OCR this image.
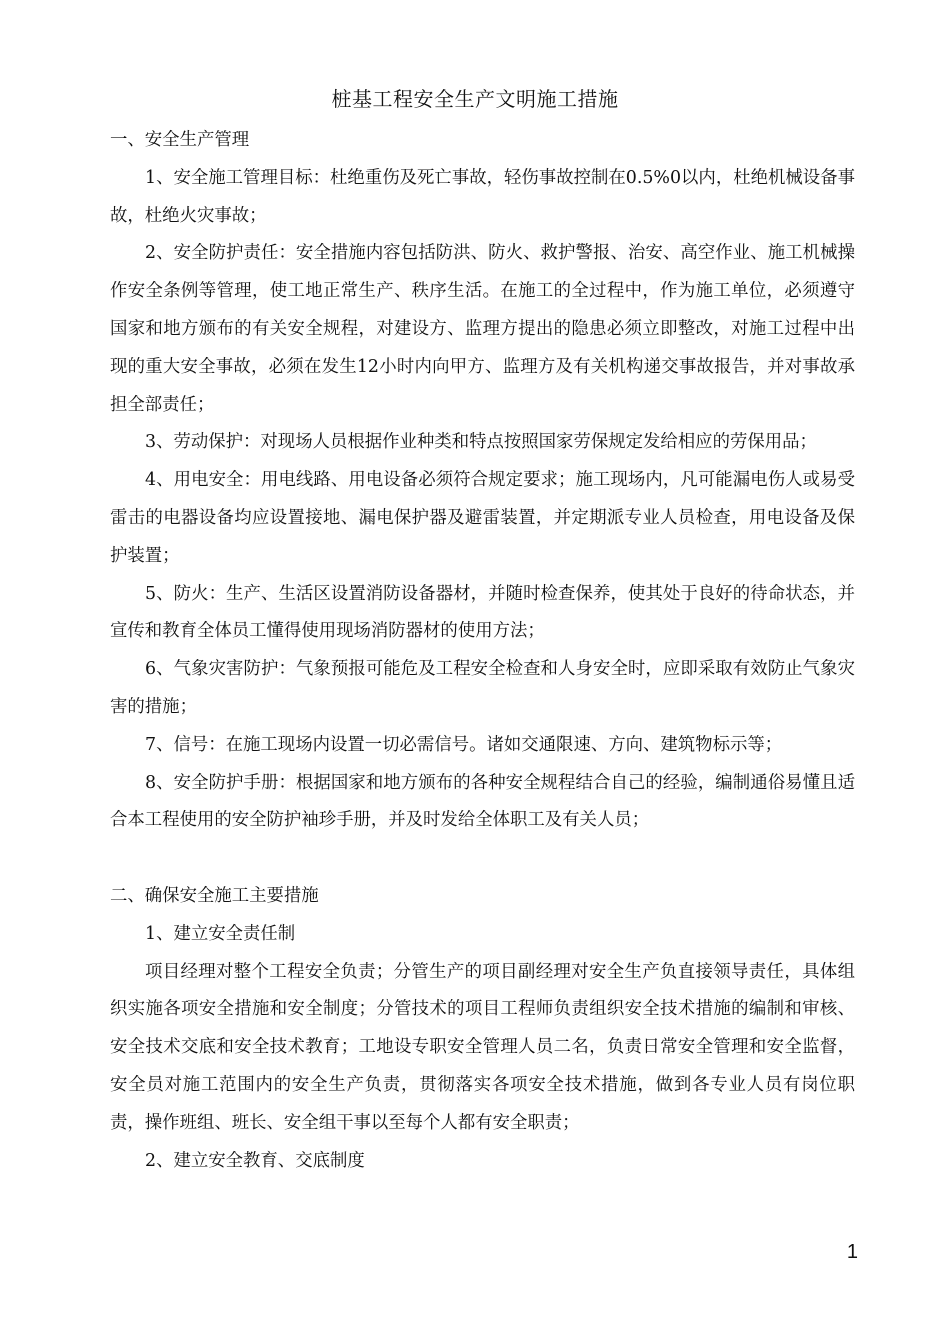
桩基工程安全生产文明施工措施

一、安全生产管理

1、安全施工管理目标：杜绝重伤及死亡事故，轻伤事故控制在0.5%0以内，杜绝机械设备事故，杜绝火灾事故；

2、安全防护责任：安全措施内容包括防洪、防火、救护警报、治安、高空作业、施工机械操作安全条例等管理，使工地正常生产、秩序生活。在施工的全过程中，作为施工单位，必须遵守国家和地方颁布的有关安全规程，对建设方、监理方提出的隐患必须立即整改，对施工过程中出现的重大安全事故，必须在发生12小时内向甲方、监理方及有关机构递交事故报告，并对事故承担全部责任；

3、劳动保护：对现场人员根据作业种类和特点按照国家劳保规定发给相应的劳保用品；

4、用电安全：用电线路、用电设备必须符合规定要求；施工现场内，凡可能漏电伤人或易受雷击的电器设备均应设置接地、漏电保护器及避雷装置，并定期派专业人员检查，用电设备及保护装置；

5、防火：生产、生活区设置消防设备器材，并随时检查保养，使其处于良好的待命状态，并宣传和教育全体员工懂得使用现场消防器材的使用方法；

6、气象灾害防护：气象预报可能危及工程安全检查和人身安全时，应即采取有效防止气象灾害的措施；

7、信号：在施工现场内设置一切必需信号。诸如交通限速、方向、建筑物标示等；

8、安全防护手册：根据国家和地方颁布的各种安全规程结合自己的经验，编制通俗易懂且适合本工程使用的安全防护袖珍手册，并及时发给全体职工及有关人员；

二、确保安全施工主要措施

1、建立安全责任制

项目经理对整个工程安全负责；分管生产的项目副经理对安全生产负直接领导责任，具体组织实施各项安全措施和安全制度；分管技术的项目工程师负责组织安全技术措施的编制和审核、安全技术交底和安全技术教育；工地设专职安全管理人员二名，负责日常安全管理和安全监督，安全员对施工范围内的安全生产负责，贯彻落实各项安全技术措施，做到各专业人员有岗位职责，操作班组、班长、安全组干事以至每个人都有安全职责；

2、建立安全教育、交底制度

1
